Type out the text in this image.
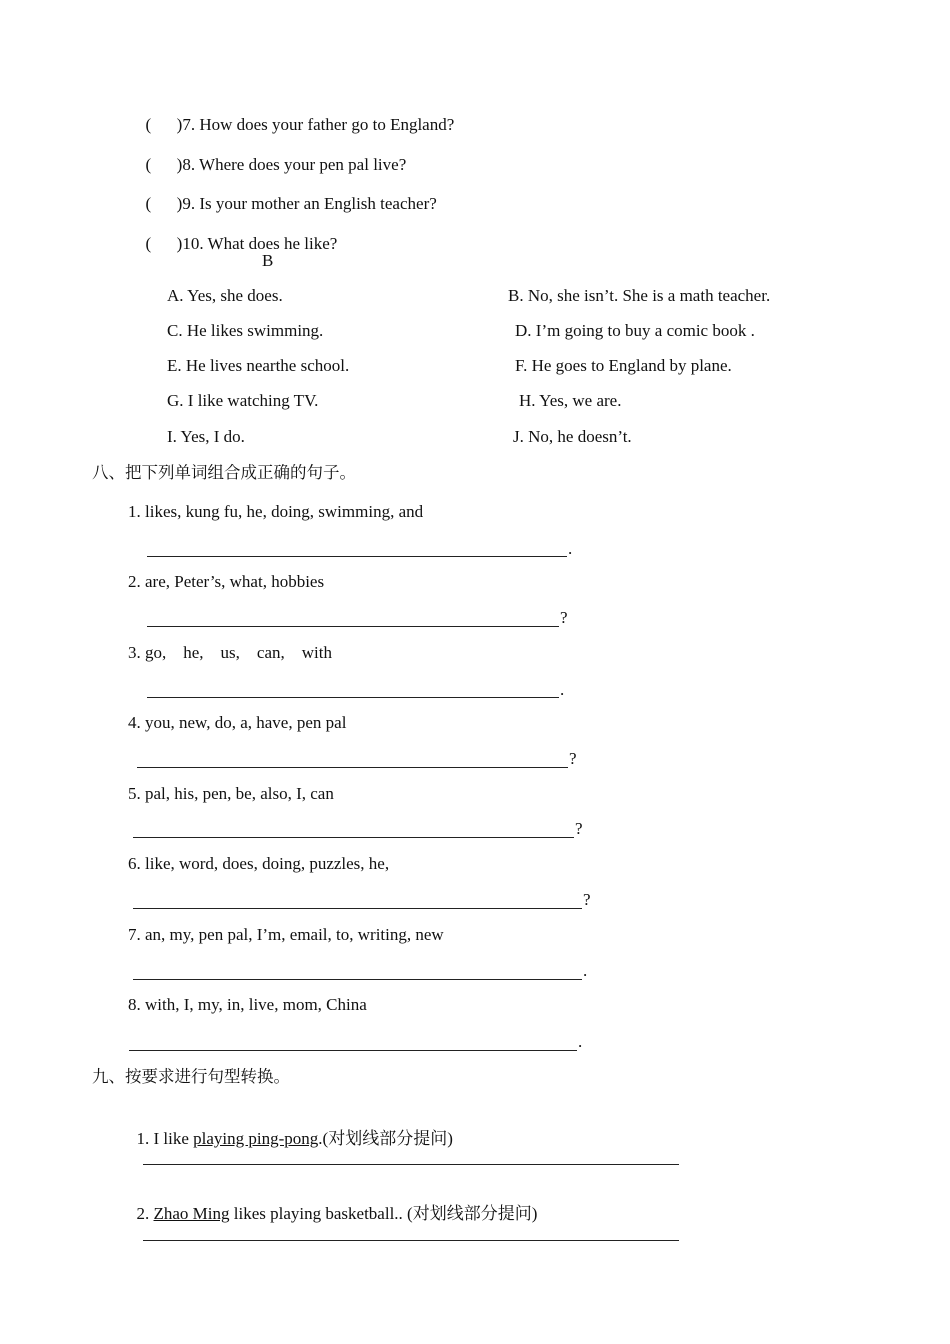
(      )7. How does your father go to England?

(      )8. Where does your pen pal live?

(      )9. Is your mother an English teacher?

(      )10. What does he like?

B
A. Yes, she does.	B. No, she isn’t. She is a math teacher.
C. He likes swimming.	D. I’m going to buy a comic book .
E. He lives nearthe school.	F. He goes to England by plane.
G. I like watching TV.	H. Yes, we are.
I. Yes, I do.	J. No, he doesn’t.
八、把下列单词组合成正确的句子。
1. likes, kung fu, he, doing, swimming, and
.
2. are, Peter’s, what, hobbies
?
3. go,    he,    us,    can,    with
.
4. you, new, do, a, have, pen pal
?
5. pal, his, pen, be, also, I, can
?
6. like, word, does, doing, puzzles, he,
?
7. an, my, pen pal, I’m, email, to, writing, new
.
8. with, I, my, in, live, mom, China
.
九、按要求进行句型转换。

1. I like playing ping-pong.(对划线部分提问)

2. Zhao Ming likes playing basketball.. (对划线部分提问)
